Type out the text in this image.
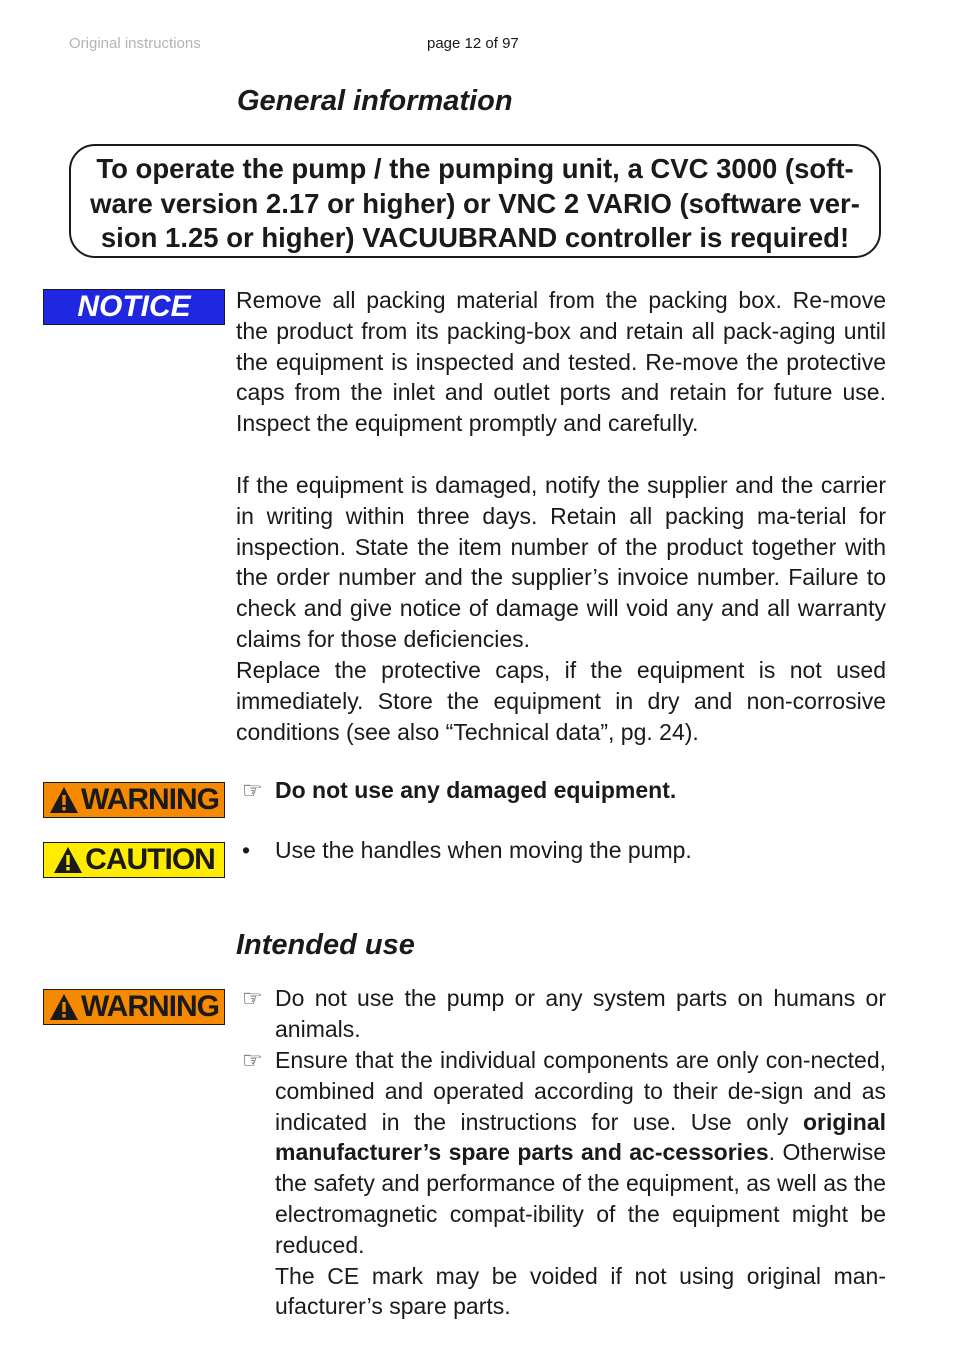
Original instructions	page 12 of 97
General information
To operate the pump / the pumping unit, a CVC 3000 (soft-
ware version 2.17 or higher) or VNC 2 VARIO (software ver-
sion 1.25 or higher) VACUUBRAND controller is required!
NOTICE Remove all packing material from the packing box. Re-move the product from its packing-box and retain all pack-aging until the equipment is inspected and tested. Re-move the protective caps from the inlet and outlet ports and retain for future use. Inspect the equipment promptly and carefully.

If the equipment is damaged, notify the supplier and the carrier in writing within three days. Retain all packing ma-terial for inspection. State the item number of the product together with the order number and the supplier’s invoice number. Failure to check and give notice of damage will void any and all warranty claims for those deficiencies.

Replace the protective caps, if the equipment is not used immediately. Store the equipment in dry and non-corrosive conditions (see also “Technical data”, pg. 24).

WARNING ☞ Do not use any damaged equipment.
CAUTION •	Use the handles when moving the pump.
Intended use
WARNING ☞ Do not use the pump or any system parts on humans or animals.
☞ Ensure that the individual components are only con-nected, combined and operated according to their de-sign and as indicated in the instructions for use. Use only original manufacturer’s spare parts and ac-cessories. Otherwise the safety and performance of the equipment, as well as the electromagnetic compat-ibility of the equipment might be reduced.
The CE mark may be voided if not using original man-ufacturer’s spare parts.
